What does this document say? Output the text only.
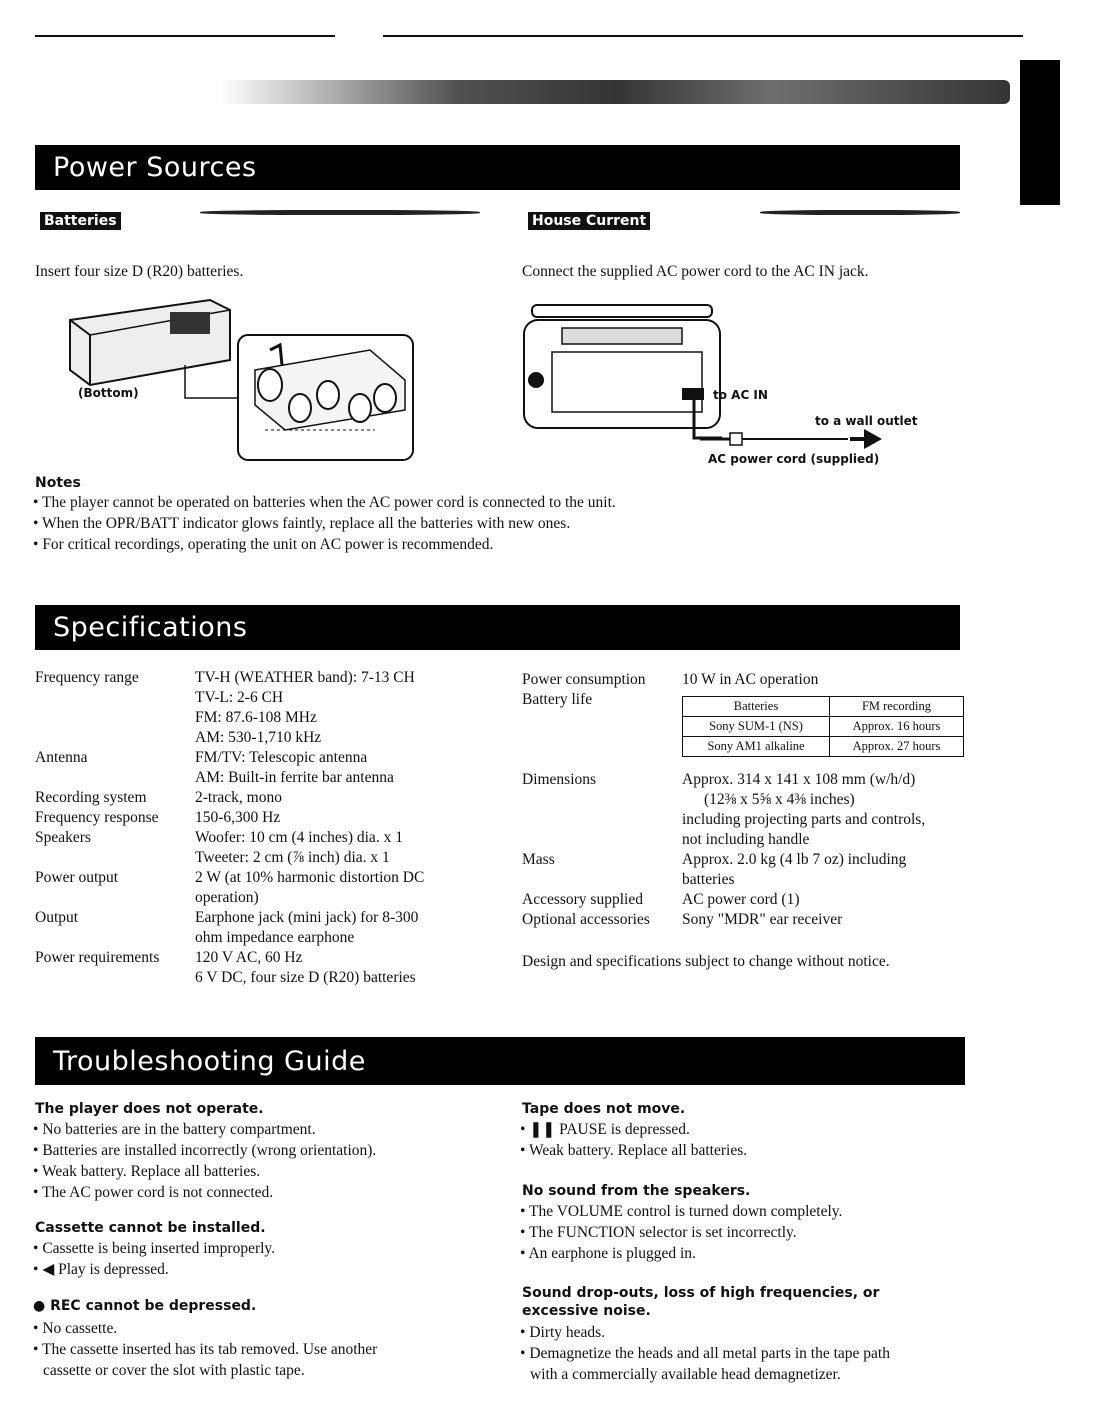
Power Sources
Batteries	House Current
Insert four size D (R20) batteries.	Connect the supplied AC power cord to the AC IN jack.
(Bottom)	to AC IN
to a wall outlet
AC power cord (supplied)
Notes
• The player cannot be operated on batteries when the AC power cord is connected to the unit.
• When the OPR/BATT indicator glows faintly, replace all the batteries with new ones.
• For critical recordings, operating the unit on AC power is recommended.
Specifications
Frequency range	TV-H (WEATHER band): 7-13 CH
TV-L: 2-6 CH
FM: 87.6-108 MHz
AM: 530-1,710 kHz
Antenna	FM/TV: Telescopic antenna
AM: Built-in ferrite bar antenna
Recording system	2-track, mono
Frequency response	150-6,300 Hz
Speakers	Woofer: 10 cm (4 inches) dia. x 1
Tweeter: 2 cm (⅞ inch) dia. x 1
Power output	2 W (at 10% harmonic distortion DC
operation)
Output	Earphone jack (mini jack) for 8-300
ohm impedance earphone
Power requirements	120 V AC, 60 Hz
6 V DC, four size D (R20) batteries
Power consumption	10 W in AC operation
Battery life	Batteries	FM recording
Sony SUM-1 (NS)	Approx. 16 hours
Sony AM1 alkaline	Approx. 27 hours
Dimensions	Approx. 314 x 141 x 108 mm (w/h/d)
(12⅜ x 5⅝ x 4⅜ inches)
including projecting parts and controls,
not including handle
Mass	Approx. 2.0 kg (4 lb 7 oz) including
batteries
Accessory supplied	AC power cord (1)
Optional accessories	Sony "MDR" ear receiver
Design and specifications subject to change without notice.
Troubleshooting Guide
The player does not operate.
• No batteries are in the battery compartment.
• Batteries are installed incorrectly (wrong orientation).
• Weak battery. Replace all batteries.
• The AC power cord is not connected.
Cassette cannot be installed.
• Cassette is being inserted improperly.
• ◀ Play is depressed.
● REC cannot be depressed.
• No cassette.
• The cassette inserted has its tab removed. Use another
cassette or cover the slot with plastic tape.
Tape does not move.
• ❚❚ PAUSE is depressed.
• Weak battery. Replace all batteries.
No sound from the speakers.
• The VOLUME control is turned down completely.
• The FUNCTION selector is set incorrectly.
• An earphone is plugged in.
Sound drop-outs, loss of high frequencies, or
excessive noise.
• Dirty heads.
• Demagnetize the heads and all metal parts in the tape path
with a commercially available head demagnetizer.
